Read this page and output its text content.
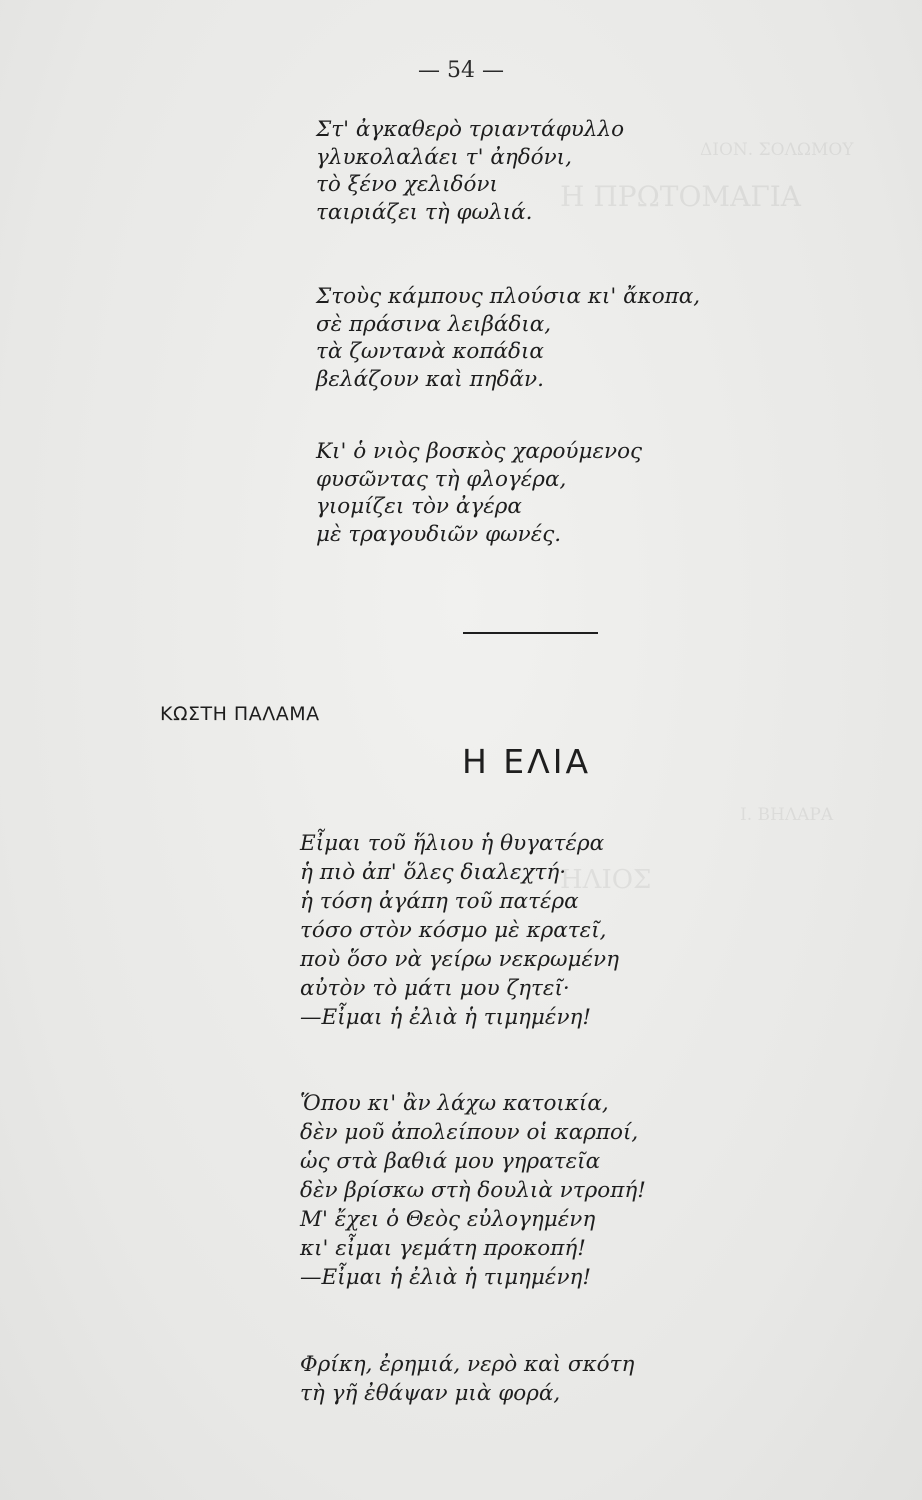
ΔΙΟΝ. ΣΟΛΩΜΟΥ
Η ΠΡΩΤΟΜΑΓΙΑ
Ι. ΒΗΛΑΡΑ
ΗΛΙΟΣ
— 54 —
Στ' ἀγκαθερὸ τριαντάφυλλο
γλυκολαλάει τ' ἀηδόνι,
τὸ ξένο χελιδόνι
ταιριάζει τὴ φωλιά.
Στοὺς κάμπους πλούσια κι' ἄκοπα,
σὲ πράσινα λειβάδια,
τὰ ζωντανὰ κοπάδια
βελάζουν καὶ πηδᾶν.
Κι' ὁ νιὸς βοσκὸς χαρούμενος
φυσῶντας τὴ φλογέρα,
γιομίζει τὸν ἀγέρα
μὲ τραγουδιῶν φωνές.
ΚΩΣΤΗ ΠΑΛΑΜΑ
Η ΕΛΙΑ
Εἶμαι τοῦ ἥλιου ἡ θυγατέρα
ἡ πιὸ ἀπ' ὅλες διαλεχτή·
ἡ τόση ἀγάπη τοῦ πατέρα
τόσο στὸν κόσμο μὲ κρατεῖ,
ποὺ ὅσο νὰ γείρω νεκρωμένη
αὐτὸν τὸ μάτι μου ζητεῖ·
—Εἶμαι ἡ ἐλιὰ ἡ τιμημένη!
Ὅπου κι' ἂν λάχω κατοικία,
δὲν μοῦ ἀπολείπουν οἱ καρποί,
ὡς στὰ βαθιά μου γηρατεῖα
δὲν βρίσκω στὴ δουλιὰ ντροπή!
Μ' ἔχει ὁ Θεὸς εὐλογημένη
κι' εἶμαι γεμάτη προκοπή!
—Εἶμαι ἡ ἐλιὰ ἡ τιμημένη!
Φρίκη, ἐρημιά, νερὸ καὶ σκότη
τὴ γῆ ἐθάψαν μιὰ φορά,
